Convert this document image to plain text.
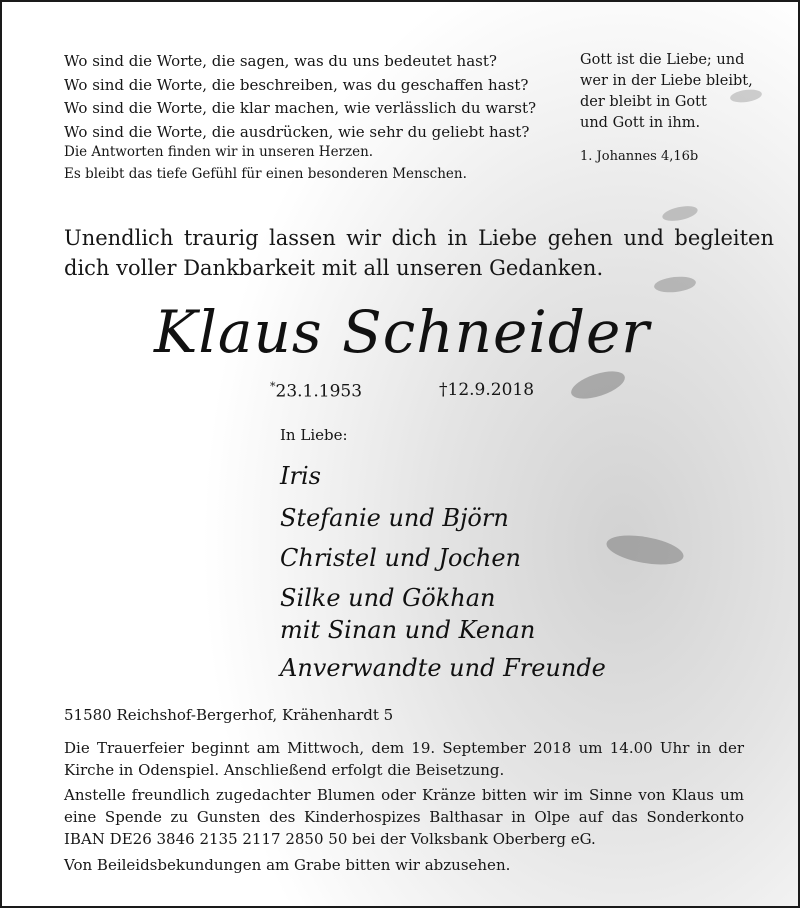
Wo sind die Worte, die sagen, was du uns bedeutet hast?
Wo sind die Worte, die beschreiben, was du geschaffen hast?
Wo sind die Worte, die klar machen, wie verlässlich du warst?
Wo sind die Worte, die ausdrücken, wie sehr du geliebt hast?
Die Antworten finden wir in unseren Herzen.
Es bleibt das tiefe Gefühl für einen besonderen Menschen.
Gott ist die Liebe; und
wer in der Liebe bleibt,
der bleibt in Gott
und Gott in ihm.
1. Johannes 4,16b
Unendlich traurig lassen wir dich in Liebe gehen und begleiten dich voller Dankbarkeit mit all unseren Gedanken.
Klaus Schneider
*23.1.1953	†12.9.2018
In Liebe:
Iris
Stefanie und Björn
Christel und Jochen
Silke und Gökhan
mit Sinan und Kenan
Anverwandte und Freunde
51580 Reichshof-Bergerhof, Krähenhardt 5
Die Trauerfeier beginnt am Mittwoch, dem 19. September 2018 um 14.00 Uhr in der Kirche in Odenspiel. Anschließend erfolgt die Beisetzung.
Anstelle freundlich zugedachter Blumen oder Kränze bitten wir im Sinne von Klaus um eine Spende zu Gunsten des Kinderhospizes Balthasar in Olpe auf das Sonderkonto IBAN DE26 3846 2135 2117 2850 50 bei der Volksbank Oberberg eG.
Von Beileidsbekundungen am Grabe bitten wir abzusehen.
